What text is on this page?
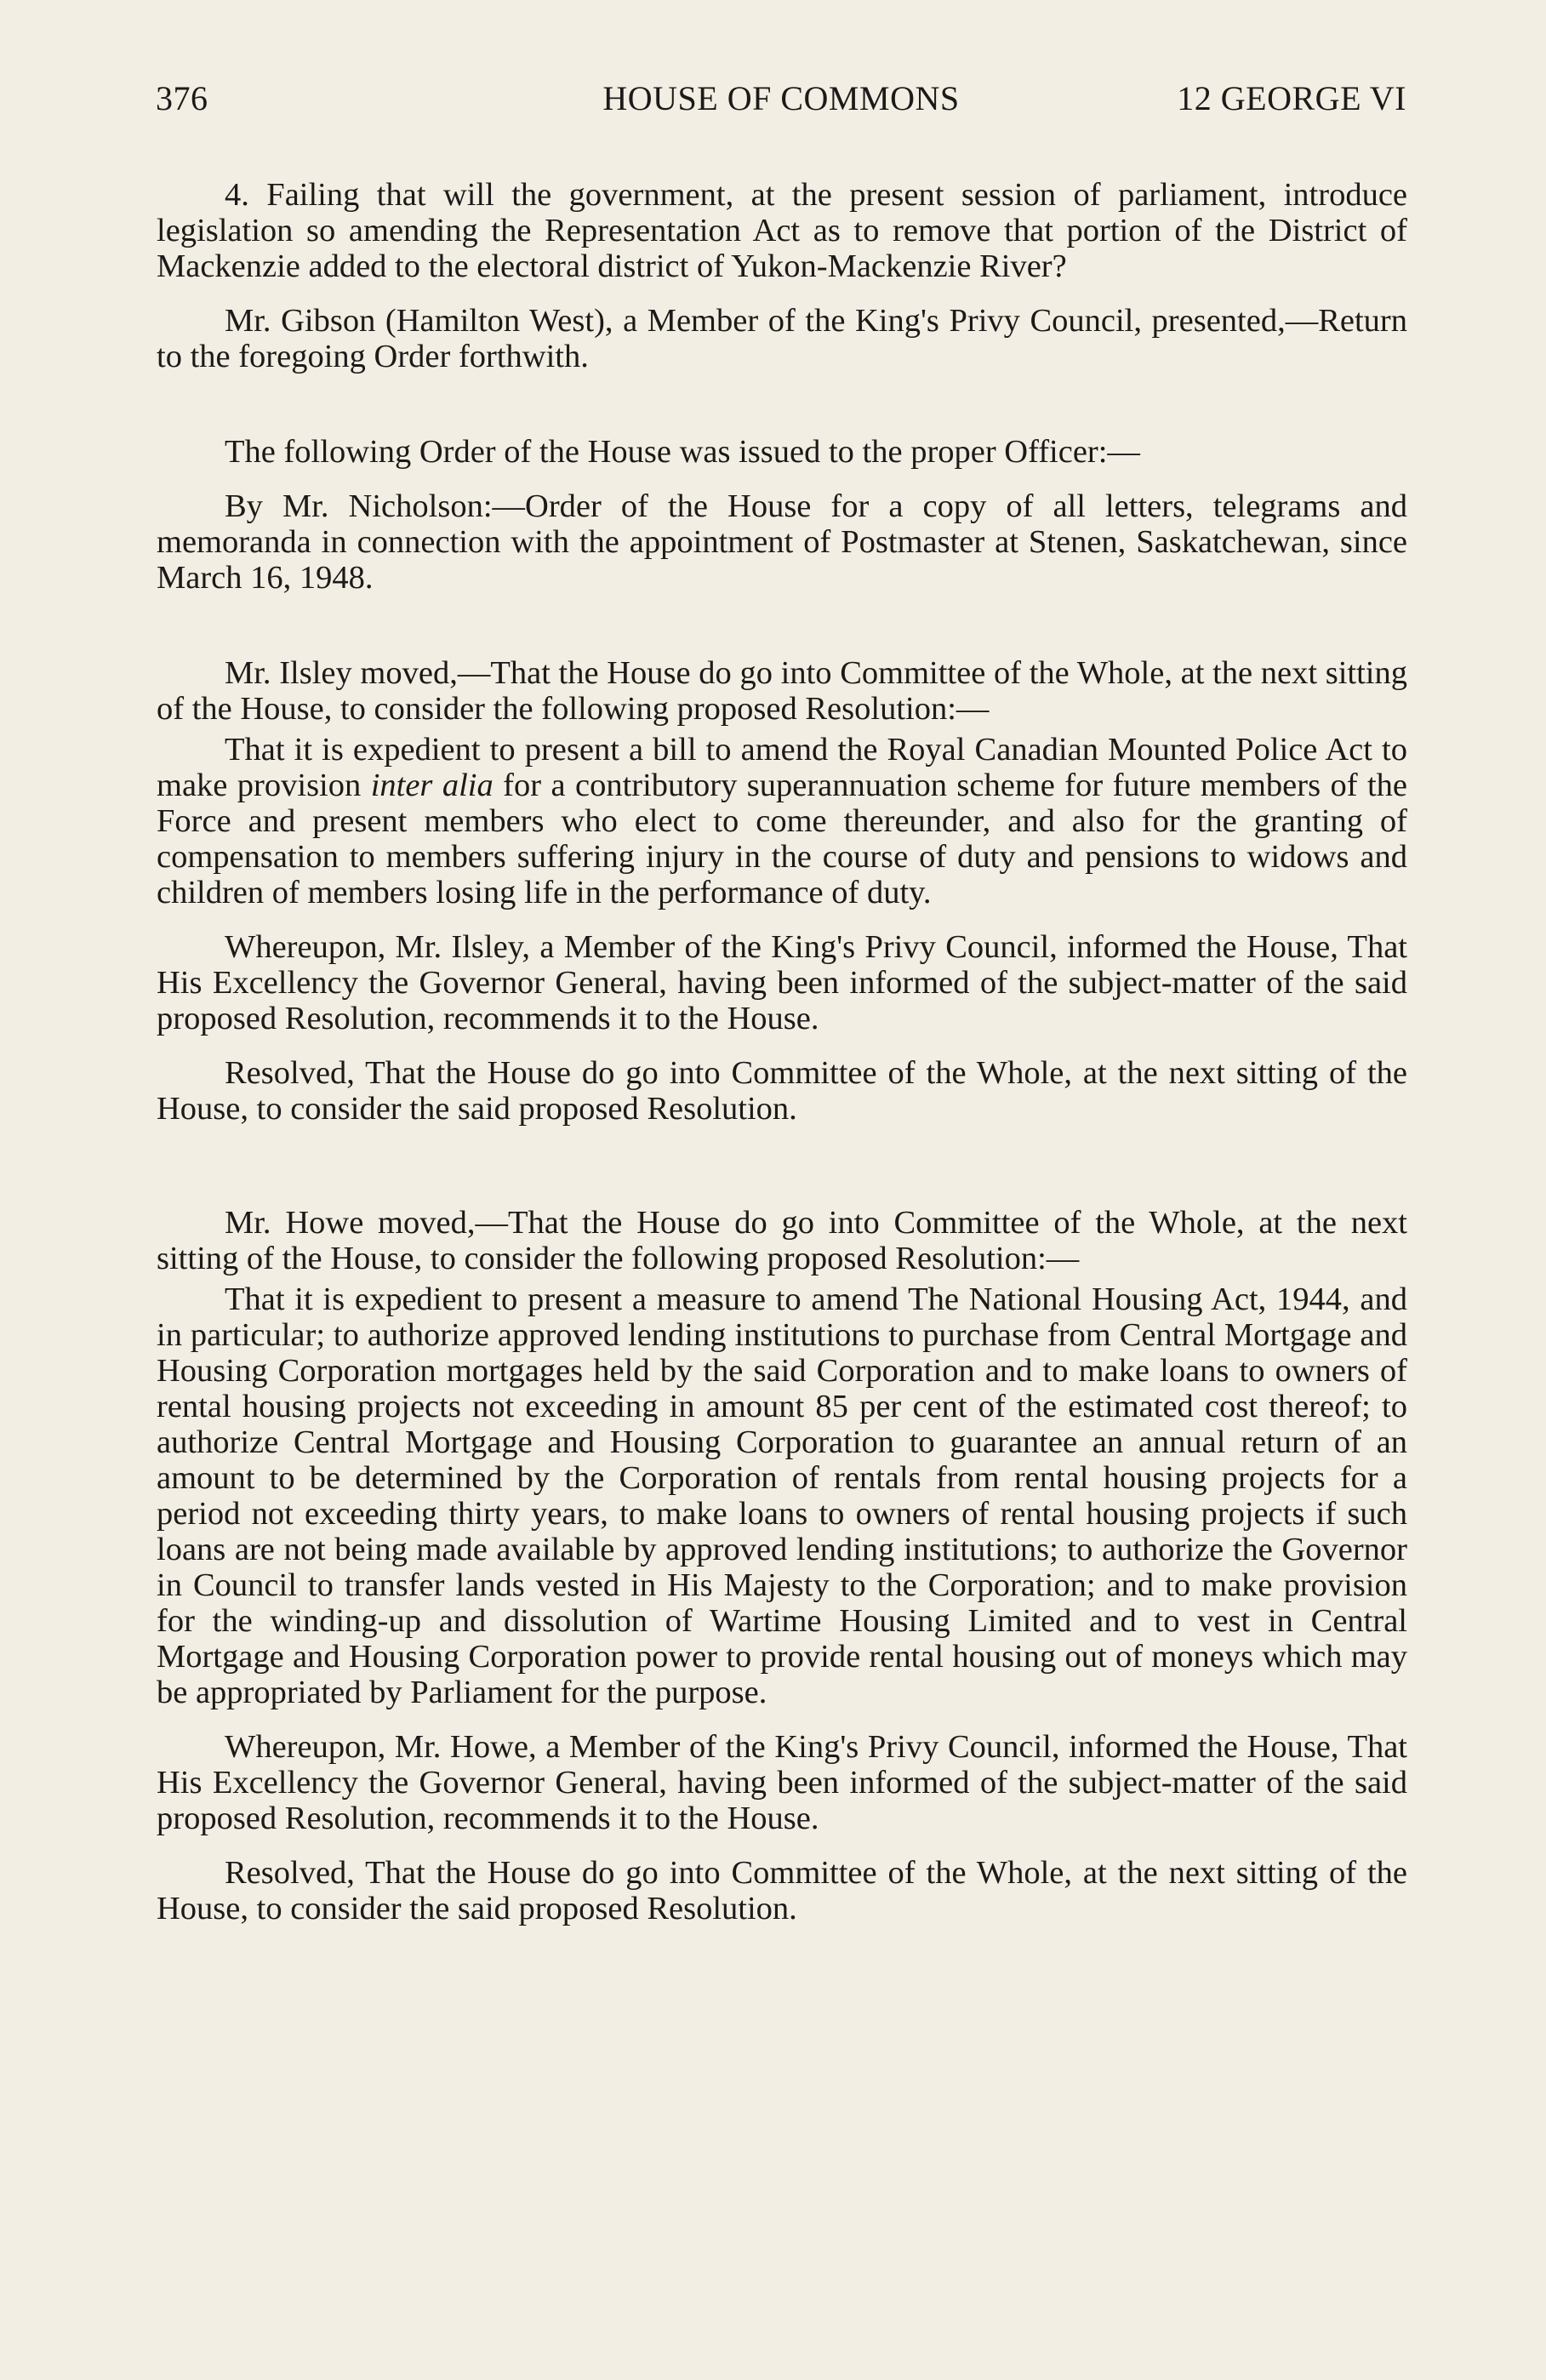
376	HOUSE OF COMMONS	12 GEORGE VI

4. Failing that will the government, at the present session of parliament, introduce legislation so amending the Representation Act as to remove that portion of the District of Mackenzie added to the electoral district of Yukon-Mackenzie River?

Mr. Gibson (Hamilton West), a Member of the King's Privy Council, presented,—Return to the foregoing Order forthwith.

The following Order of the House was issued to the proper Officer:—

By Mr. Nicholson:—Order of the House for a copy of all letters, telegrams and memoranda in connection with the appointment of Postmaster at Stenen, Saskatchewan, since March 16, 1948.

Mr. Ilsley moved,—That the House do go into Committee of the Whole, at the next sitting of the House, to consider the following proposed Resolution:—

That it is expedient to present a bill to amend the Royal Canadian Mounted Police Act to make provision inter alia for a contributory superannuation scheme for future members of the Force and present members who elect to come thereunder, and also for the granting of compensation to members suffering injury in the course of duty and pensions to widows and children of members losing life in the performance of duty.

Whereupon, Mr. Ilsley, a Member of the King's Privy Council, informed the House, That His Excellency the Governor General, having been informed of the subject-matter of the said proposed Resolution, recommends it to the House.

Resolved, That the House do go into Committee of the Whole, at the next sitting of the House, to consider the said proposed Resolution.

Mr. Howe moved,—That the House do go into Committee of the Whole, at the next sitting of the House, to consider the following proposed Resolution:—

That it is expedient to present a measure to amend The National Housing Act, 1944, and in particular; to authorize approved lending institutions to purchase from Central Mortgage and Housing Corporation mortgages held by the said Corporation and to make loans to owners of rental housing projects not exceeding in amount 85 per cent of the estimated cost thereof; to authorize Central Mortgage and Housing Corporation to guarantee an annual return of an amount to be determined by the Corporation of rentals from rental housing projects for a period not exceeding thirty years, to make loans to owners of rental housing projects if such loans are not being made available by approved lending institutions; to authorize the Governor in Council to transfer lands vested in His Majesty to the Corporation; and to make provision for the winding-up and dissolution of Wartime Housing Limited and to vest in Central Mortgage and Housing Corporation power to provide rental housing out of moneys which may be appropriated by Parliament for the purpose.

Whereupon, Mr. Howe, a Member of the King's Privy Council, informed the House, That His Excellency the Governor General, having been informed of the subject-matter of the said proposed Resolution, recommends it to the House.

Resolved, That the House do go into Committee of the Whole, at the next sitting of the House, to consider the said proposed Resolution.
